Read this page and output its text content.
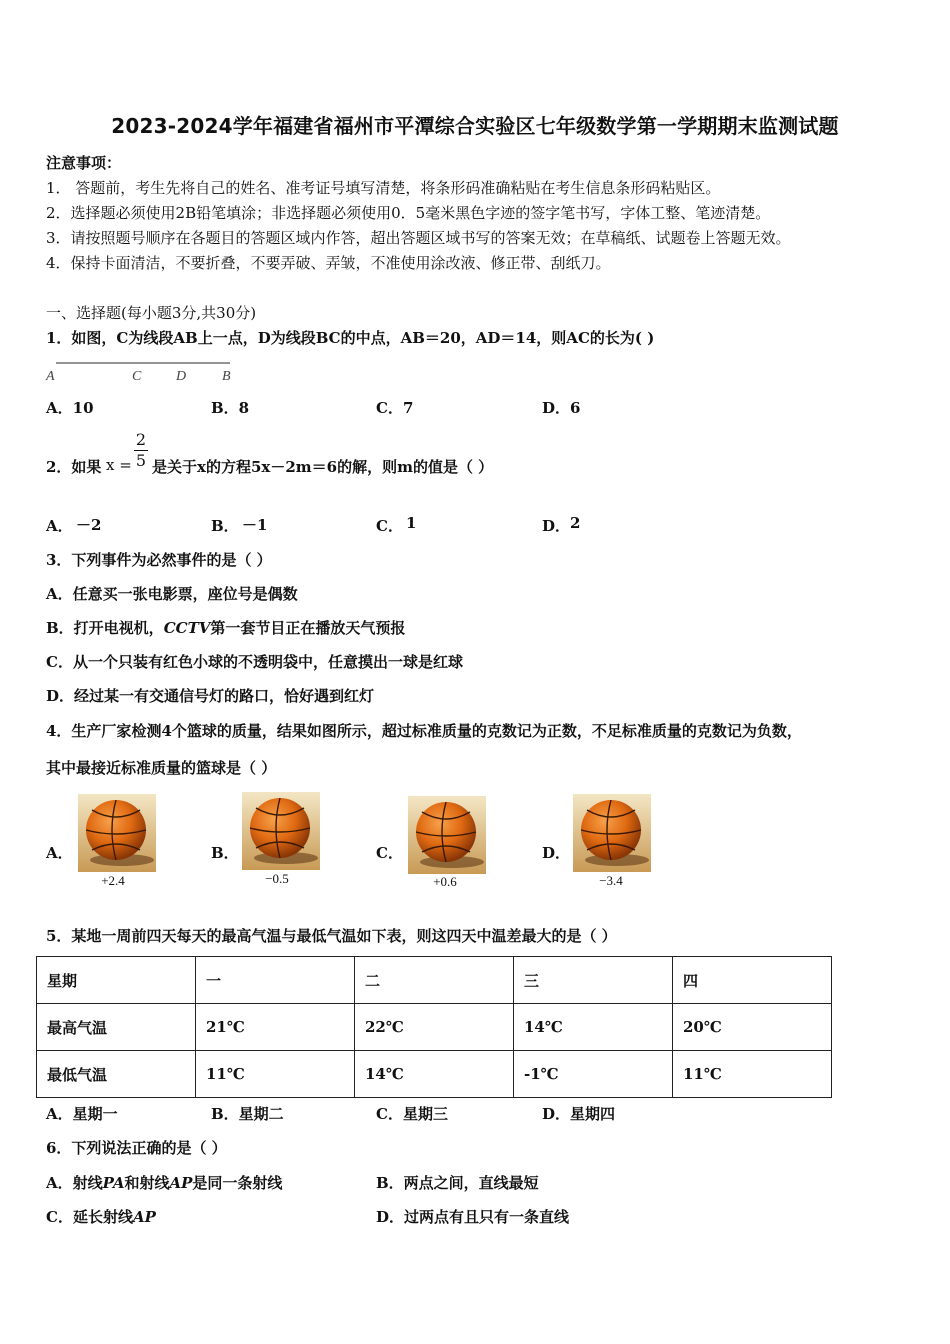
2023-2024学年福建省福州市平潭综合实验区七年级数学第一学期期末监测试题
注意事项：
1． 答题前，考生先将自己的姓名、准考证号填写清楚，将条形码准确粘贴在考生信息条形码粘贴区。
2．选择题必须使用2B铅笔填涂；非选择题必须使用0．5毫米黑色字迹的签字笔书写，字体工整、笔迹清楚。
3．请按照题号顺序在各题目的答题区域内作答，超出答题区域书写的答案无效；在草稿纸、试题卷上答题无效。
4．保持卡面清洁，不要折叠，不要弄破、弄皱，不准使用涂改液、修正带、刮纸刀。
一、选择题(每小题3分,共30分)
1．如图，C为线段AB上一点，D为线段BC的中点，AB＝20，AD＝14，则AC的长为( )
A	C D	B
A．10	B．8	C．7	D．6
2．如果 x =
2
5 是关于x的方程5x－2m＝6的解，则m的值是（ ）
A． －2	B． －1	C． 1	D． 2
3．下列事件为必然事件的是（ ）
A．任意买一张电影票，座位号是偶数
B．打开电视机，CCTV第一套节目正在播放天气预报
C．从一个只装有红色小球的不透明袋中，任意摸出一球是红球
D．经过某一有交通信号灯的路口，恰好遇到红灯
4．生产厂家检测4个篮球的质量，结果如图所示，超过标准质量的克数记为正数，不足标准质量的克数记为负数，
其中最接近标准质量的篮球是（ ）
A．
+2.4
B．
−0.5
C．
+0.6
D．
−3.4
5．某地一周前四天每天的最高气温与最低气温如下表，则这四天中温差最大的是（ ）
星期	一	二	三	四
最高气温	21℃	22℃	14℃	20℃
最低气温	11℃	14℃	-1℃	11℃
A．星期一	B．星期二	C．星期三	D．星期四
6．下列说法正确的是（ ）
A．射线PA和射线AP是同一条射线	B．两点之间，直线最短
C．延长射线AP	D．过两点有且只有一条直线
